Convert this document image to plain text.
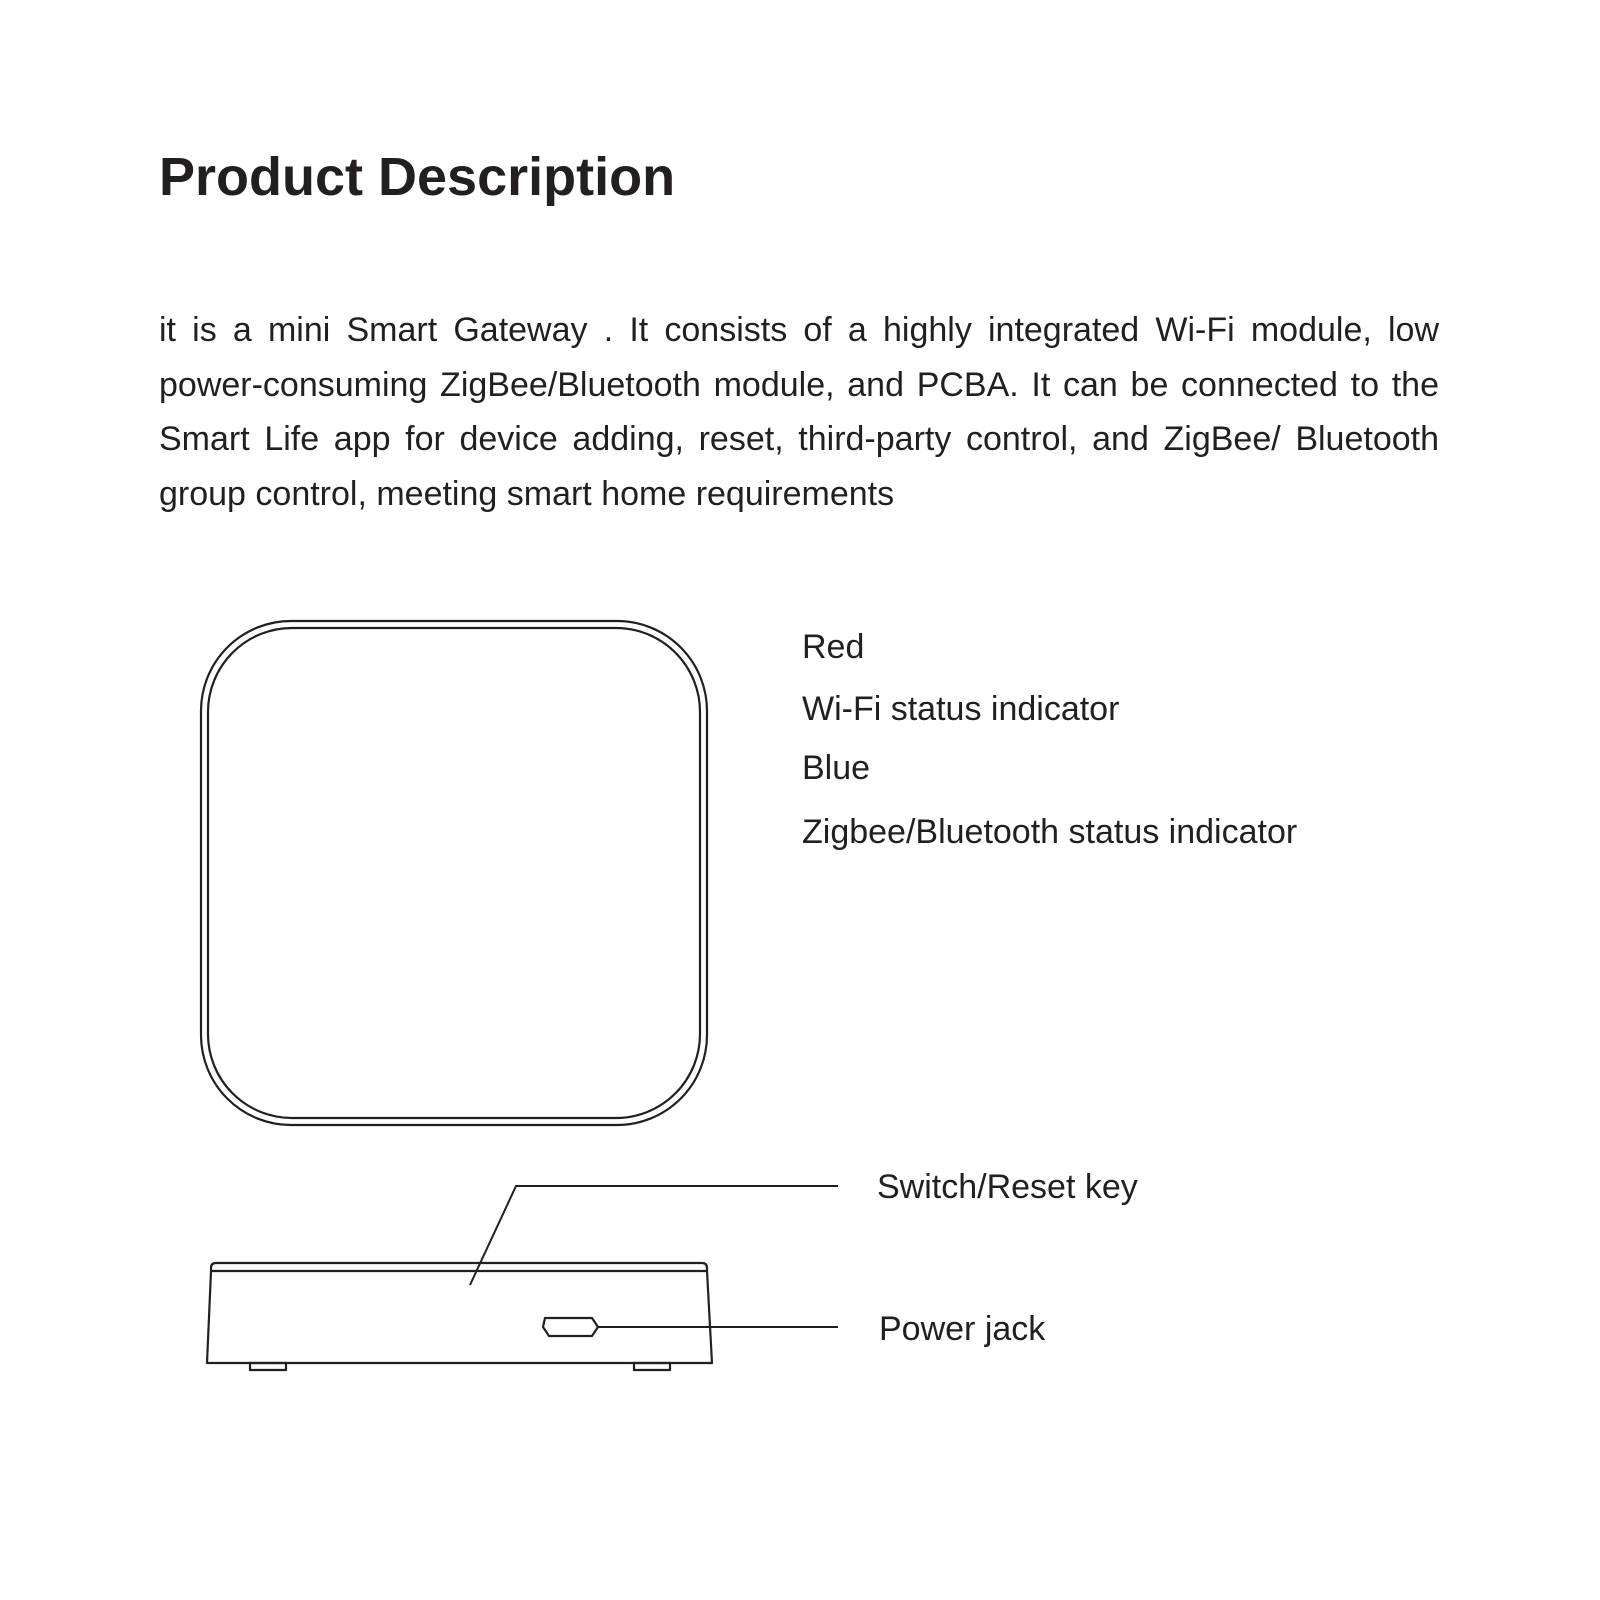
Product Description

it is a mini Smart Gateway . It consists of a highly integrated Wi-Fi module, low power-consuming ZigBee/Bluetooth module, and PCBA. It can be connected to the Smart Life app for device adding, reset, third-party control, and ZigBee/ Bluetooth group control, meeting smart home requirements

Red
Wi-Fi status indicator
Blue
Zigbee/Bluetooth status indicator
Switch/Reset key
Power jack
